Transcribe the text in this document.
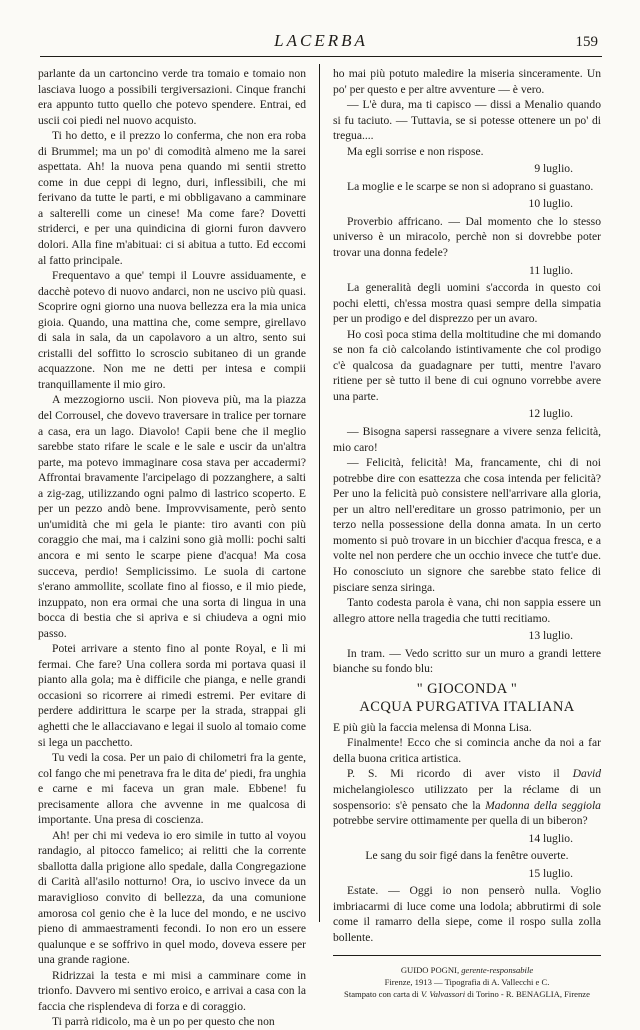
LACERBA	159

parlante da un cartoncino verde tra tomaio e tomaio non lasciava luogo a possibili tergiversazioni. Cinque franchi era appunto tutto quello che potevo spendere. Entrai, ed uscii coi piedi nel nuovo acquisto.

Ti ho detto, e il prezzo lo conferma, che non era roba di Brummel; ma un po' di comodità almeno me la sarei aspettata. Ah! la nuova pena quando mi sentii stretto come in due ceppi di legno, duri, inflessibili, che mi ferivano da tutte le parti, e mi obbligavano a camminare a salterelli come un cinese! Ma come fare? Dovetti striderci, e per una quindicina di giorni furon davvero dolori. Alla fine m'abituai: ci si abitua a tutto. Ed eccomi al fatto principale.

Frequentavo a que' tempi il Louvre assiduamente, e dacchè potevo di nuovo andarci, non ne uscivo più quasi. Scoprire ogni giorno una nuova bellezza era la mia unica gioia. Quando, una mattina che, come sempre, girellavo di sala in sala, da un capolavoro a un altro, sento sui cristalli del soffitto lo scroscio subitaneo di un grande acquazzone. Non me ne detti per intesa e compii tranquillamente il mio giro.

A mezzogiorno uscii. Non pioveva più, ma la piazza del Corrousel, che dovevo traversare in tralice per tornare a casa, era un lago. Diavolo! Capii bene che il meglio sarebbe stato rifare le scale e le sale e uscir da un'altra parte, ma potevo immaginare cosa stava per accadermi? Affrontai bravamente l'arcipelago di pozzanghere, a salti a zig-zag, utilizzando ogni palmo di lastrico scoperto. E per un pezzo andò bene. Improvvisamente, però sento un'umidità che mi gela le piante: tiro avanti con più coraggio che mai, ma i calzini sono già molli: pochi salti ancora e mi sento le scarpe piene d'acqua! Ma cosa succeva, perdio! Semplicissimo. Le suola di cartone s'erano ammollite, scollate fino al fiosso, e il mio piede, inzuppato, non era ormai che una sorta di lingua in una bocca di bestia che si apriva e si chiudeva a ogni mio passo.

Potei arrivare a stento fino al ponte Royal, e lì mi fermai. Che fare? Una collera sorda mi portava quasi il pianto alla gola; ma è difficile che pianga, e nelle grandi occasioni so ricorrere ai rimedi estremi. Per evitare di perdere addirittura le scarpe per la strada, strappai gli aghetti che le allacciavano e legai il suolo al tomaio come si lega un pacchetto.

Tu vedi la cosa. Per un paio di chilometri fra la gente, col fango che mi penetrava fra le dita de' piedi, fra unghia e carne e mi faceva un gran male. Ebbene! fu precisamente allora che avvenne in me qualcosa di importante. Una presa di coscienza.

Ah! per chi mi vedeva io ero simile in tutto al voyou randagio, al pitocco famelico; ai relitti che la corrente sballotta dalla prigione allo spedale, dalla Congregazione di Carità all'asilo notturno! Ora, io uscivo invece da un maraviglioso convito di bellezza, da una comunione amorosa col genio che è la luce del mondo, e ne uscivo pieno di ammaestramenti fecondi. Io non ero un essere qualunque e se soffrivo in quel modo, doveva essere per una grande ragione.

Ridrizzai la testa e mi misi a camminare come in trionfo. Davvero mi sentivo eroico, e arrivai a casa con la faccia che risplendeva di forza e di coraggio.

Ti parrà ridicolo, ma è un po per questo che non

ho mai più potuto maledire la miseria sinceramente. Un po' per questo e per altre avventure — è vero.

— L'è dura, ma ti capisco — dissi a Menalio quando si fu taciuto. — Tuttavia, se si potesse ottenere un po' di tregua....

Ma egli sorrise e non rispose.

9 luglio.

La moglie e le scarpe se non si adoprano si guastano.

10 luglio.

Proverbio affricano. — Dal momento che lo stesso universo è un miracolo, perchè non si dovrebbe poter trovar una donna fedele?

11 luglio.

La generalità degli uomini s'accorda in questo coi pochi eletti, ch'essa mostra quasi sempre della simpatia per un prodigo e del disprezzo per un avaro.

Ho così poca stima della moltitudine che mi domando se non fa ciò calcolando istintivamente che col prodigo c'è qualcosa da guadagnare per tutti, mentre l'avaro ritiene per sè tutto il bene di cui ognuno vorrebbe avere una parte.

12 luglio.

— Bisogna sapersi rassegnare a vivere senza felicità, mio caro!

— Felicità, felicità! Ma, francamente, chi di noi potrebbe dire con esattezza che cosa intenda per felicità? Per uno la felicità può consistere nell'arrivare alla gloria, per un altro nell'ereditare un grosso patrimonio, per un terzo nella possessione della donna amata. In un certo momento si può trovare in un bicchier d'acqua fresca, e a volte nel non perdere che un occhio invece che tutt'e due. Ho conosciuto un signore che sarebbe stato felice di pisciare senza siringa.

Tanto codesta parola è vana, chi non sappia essere un allegro attore nella tragedia che tutti recitiamo.

13 luglio.

In tram. — Vedo scritto sur un muro a grandi lettere bianche su fondo blu:

" GIOCONDA "
ACQUA PURGATIVA ITALIANA

E più giù la faccia melensa di Monna Lisa.

Finalmente! Ecco che si comincia anche da noi a far della buona critica artistica.

P. S. Mi ricordo di aver visto il David michelangiolesco utilizzato per la réclame di un sospensorio: s'è pensato che la Madonna della seggiola potrebbe servire ottimamente per quella di un biberon?

14 luglio.

Le sang du soir figé dans la fenêtre ouverte.

15 luglio.

Estate. — Oggi io non penserò nulla. Voglio imbriacarmi di luce come una lodola; abbrutirmi di sole come il ramarro della siepe, come il rospo sulla zolla bollente.

GUIDO POGNI, gerente-responsabile
Firenze, 1913 — Tipografia di A. Vallecchi e C.
Stampato con carta di V. Valvassori di Torino - R. BENAGLIA, Firenze
